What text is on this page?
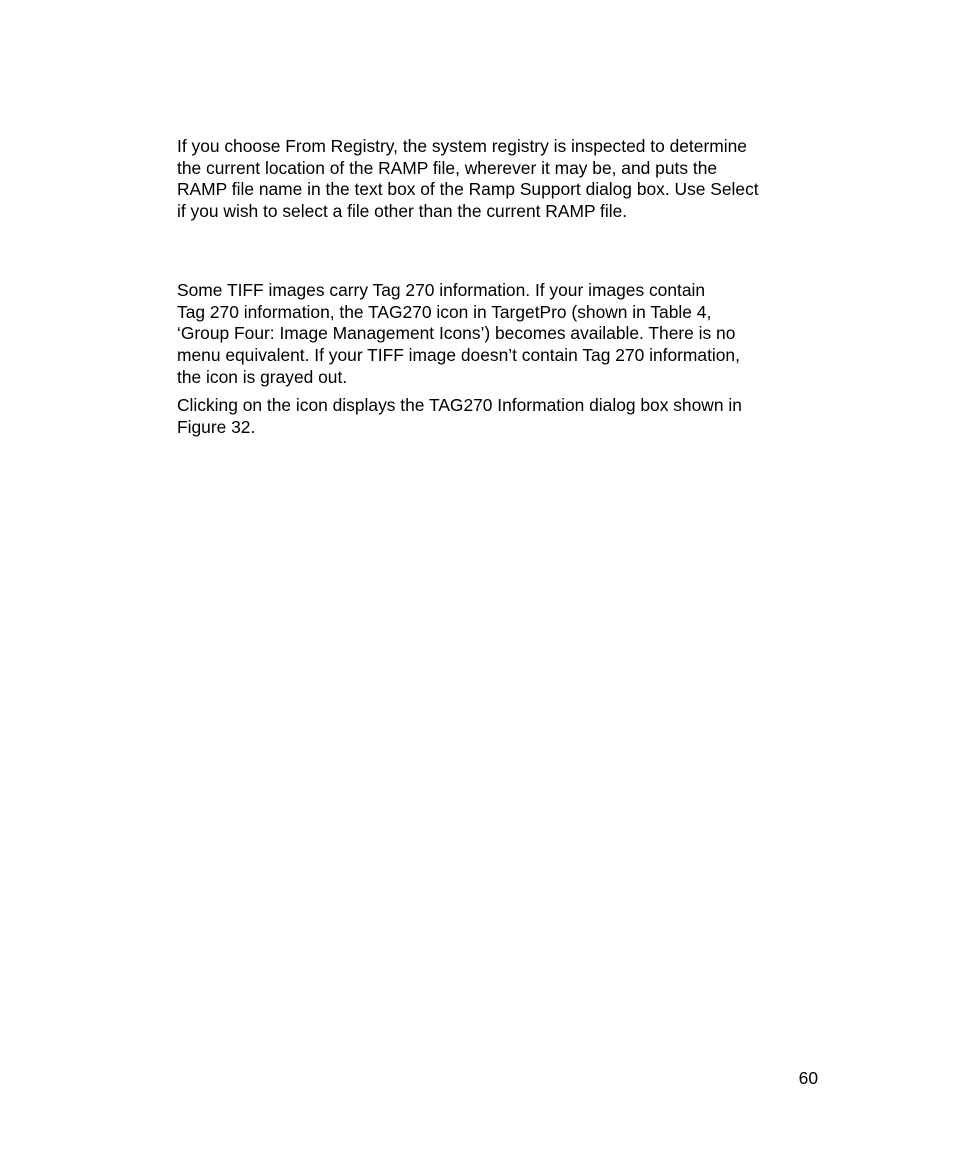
If you choose From Registry, the system registry is inspected to determine
the current location of the RAMP file, wherever it may be, and puts the
RAMP file name in the text box of the Ramp Support dialog box. Use Select
if you wish to select a file other than the current RAMP file.

Some TIFF images carry Tag 270 information. If your images contain
Tag 270 information, the TAG270 icon in TargetPro (shown in Table 4,
‘Group Four: Image Management Icons’) becomes available. There is no
menu equivalent. If your TIFF image doesn’t contain Tag 270 information,
the icon is grayed out.

Clicking on the icon displays the TAG270 Information dialog box shown in
Figure 32.

60
